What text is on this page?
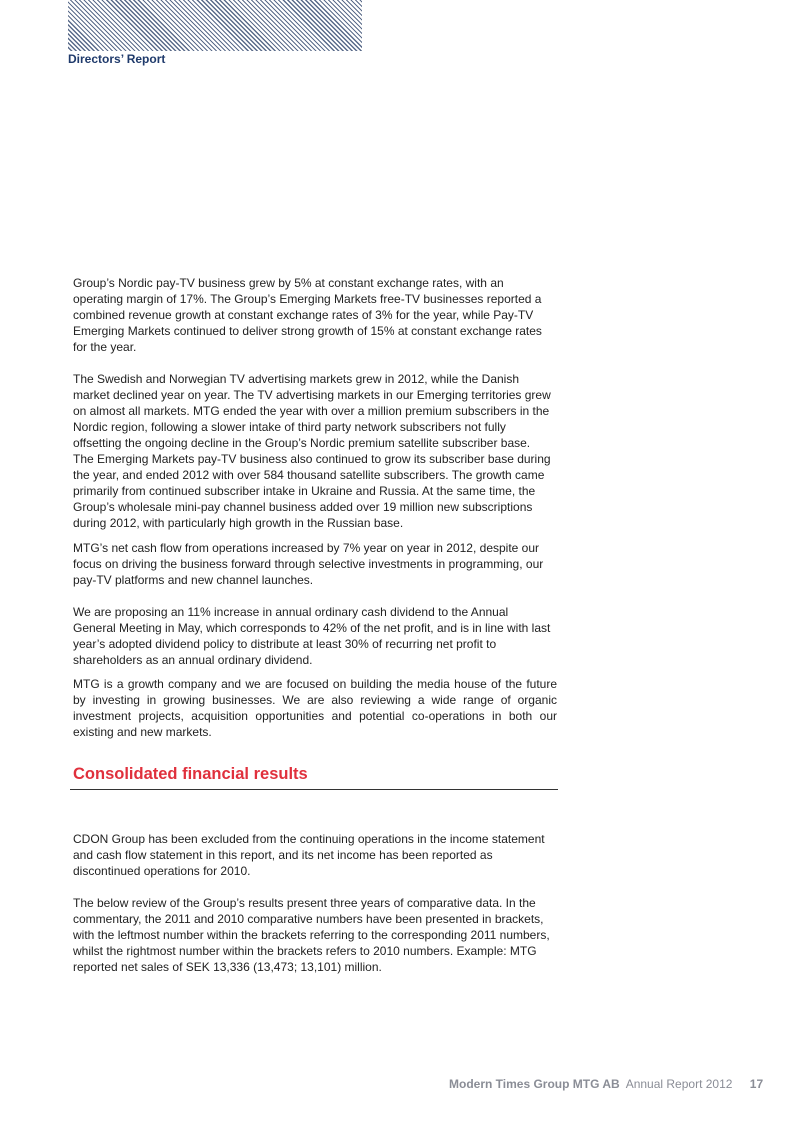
Directors’ Report
Group’s Nordic pay-TV business grew by 5% at constant exchange rates, with an
operating margin of 17%. The Group’s Emerging Markets free-TV businesses reported a
combined revenue growth at constant exchange rates of 3% for the year, while Pay-TV
Emerging Markets continued to deliver strong growth of 15% at constant exchange rates
for the year.
The Swedish and Norwegian TV advertising markets grew in 2012, while the Danish
market declined year on year. The TV advertising markets in our Emerging territories grew
on almost all markets. MTG ended the year with over a million premium subscribers in the
Nordic region, following a slower intake of third party network subscribers not fully
offsetting the ongoing decline in the Group’s Nordic premium satellite subscriber base.
The Emerging Markets pay-TV business also continued to grow its subscriber base during
the year, and ended 2012 with over 584 thousand satellite subscribers. The growth came
primarily from continued subscriber intake in Ukraine and Russia. At the same time, the
Group’s wholesale mini-pay channel business added over 19 million new subscriptions
during 2012, with particularly high growth in the Russian base.
MTG’s net cash flow from operations increased by 7% year on year in 2012, despite our
focus on driving the business forward through selective investments in programming, our
pay-TV platforms and new channel launches.
We are proposing an 11% increase in annual ordinary cash dividend to the Annual
General Meeting in May, which corresponds to 42% of the net profit, and is in line with last
year’s adopted dividend policy to distribute at least 30% of recurring net profit to
shareholders as an annual ordinary dividend.
MTG is a growth company and we are focused on building the media house of the future
by investing in growing businesses. We are also reviewing a wide range of organic
investment projects, acquisition opportunities and potential co-operations in both our
existing and new markets.
Consolidated financial results
CDON Group has been excluded from the continuing operations in the income statement
and cash flow statement in this report, and its net income has been reported as
discontinued operations for 2010.
The below review of the Group’s results present three years of comparative data. In the
commentary, the 2011 and 2010 comparative numbers have been presented in brackets,
with the leftmost number within the brackets referring to the corresponding 2011 numbers,
whilst the rightmost number within the brackets refers to 2010 numbers. Example: MTG
reported net sales of SEK 13,336 (13,473; 13,101) million.
Modern Times Group MTG AB Annual Report 2012 17
